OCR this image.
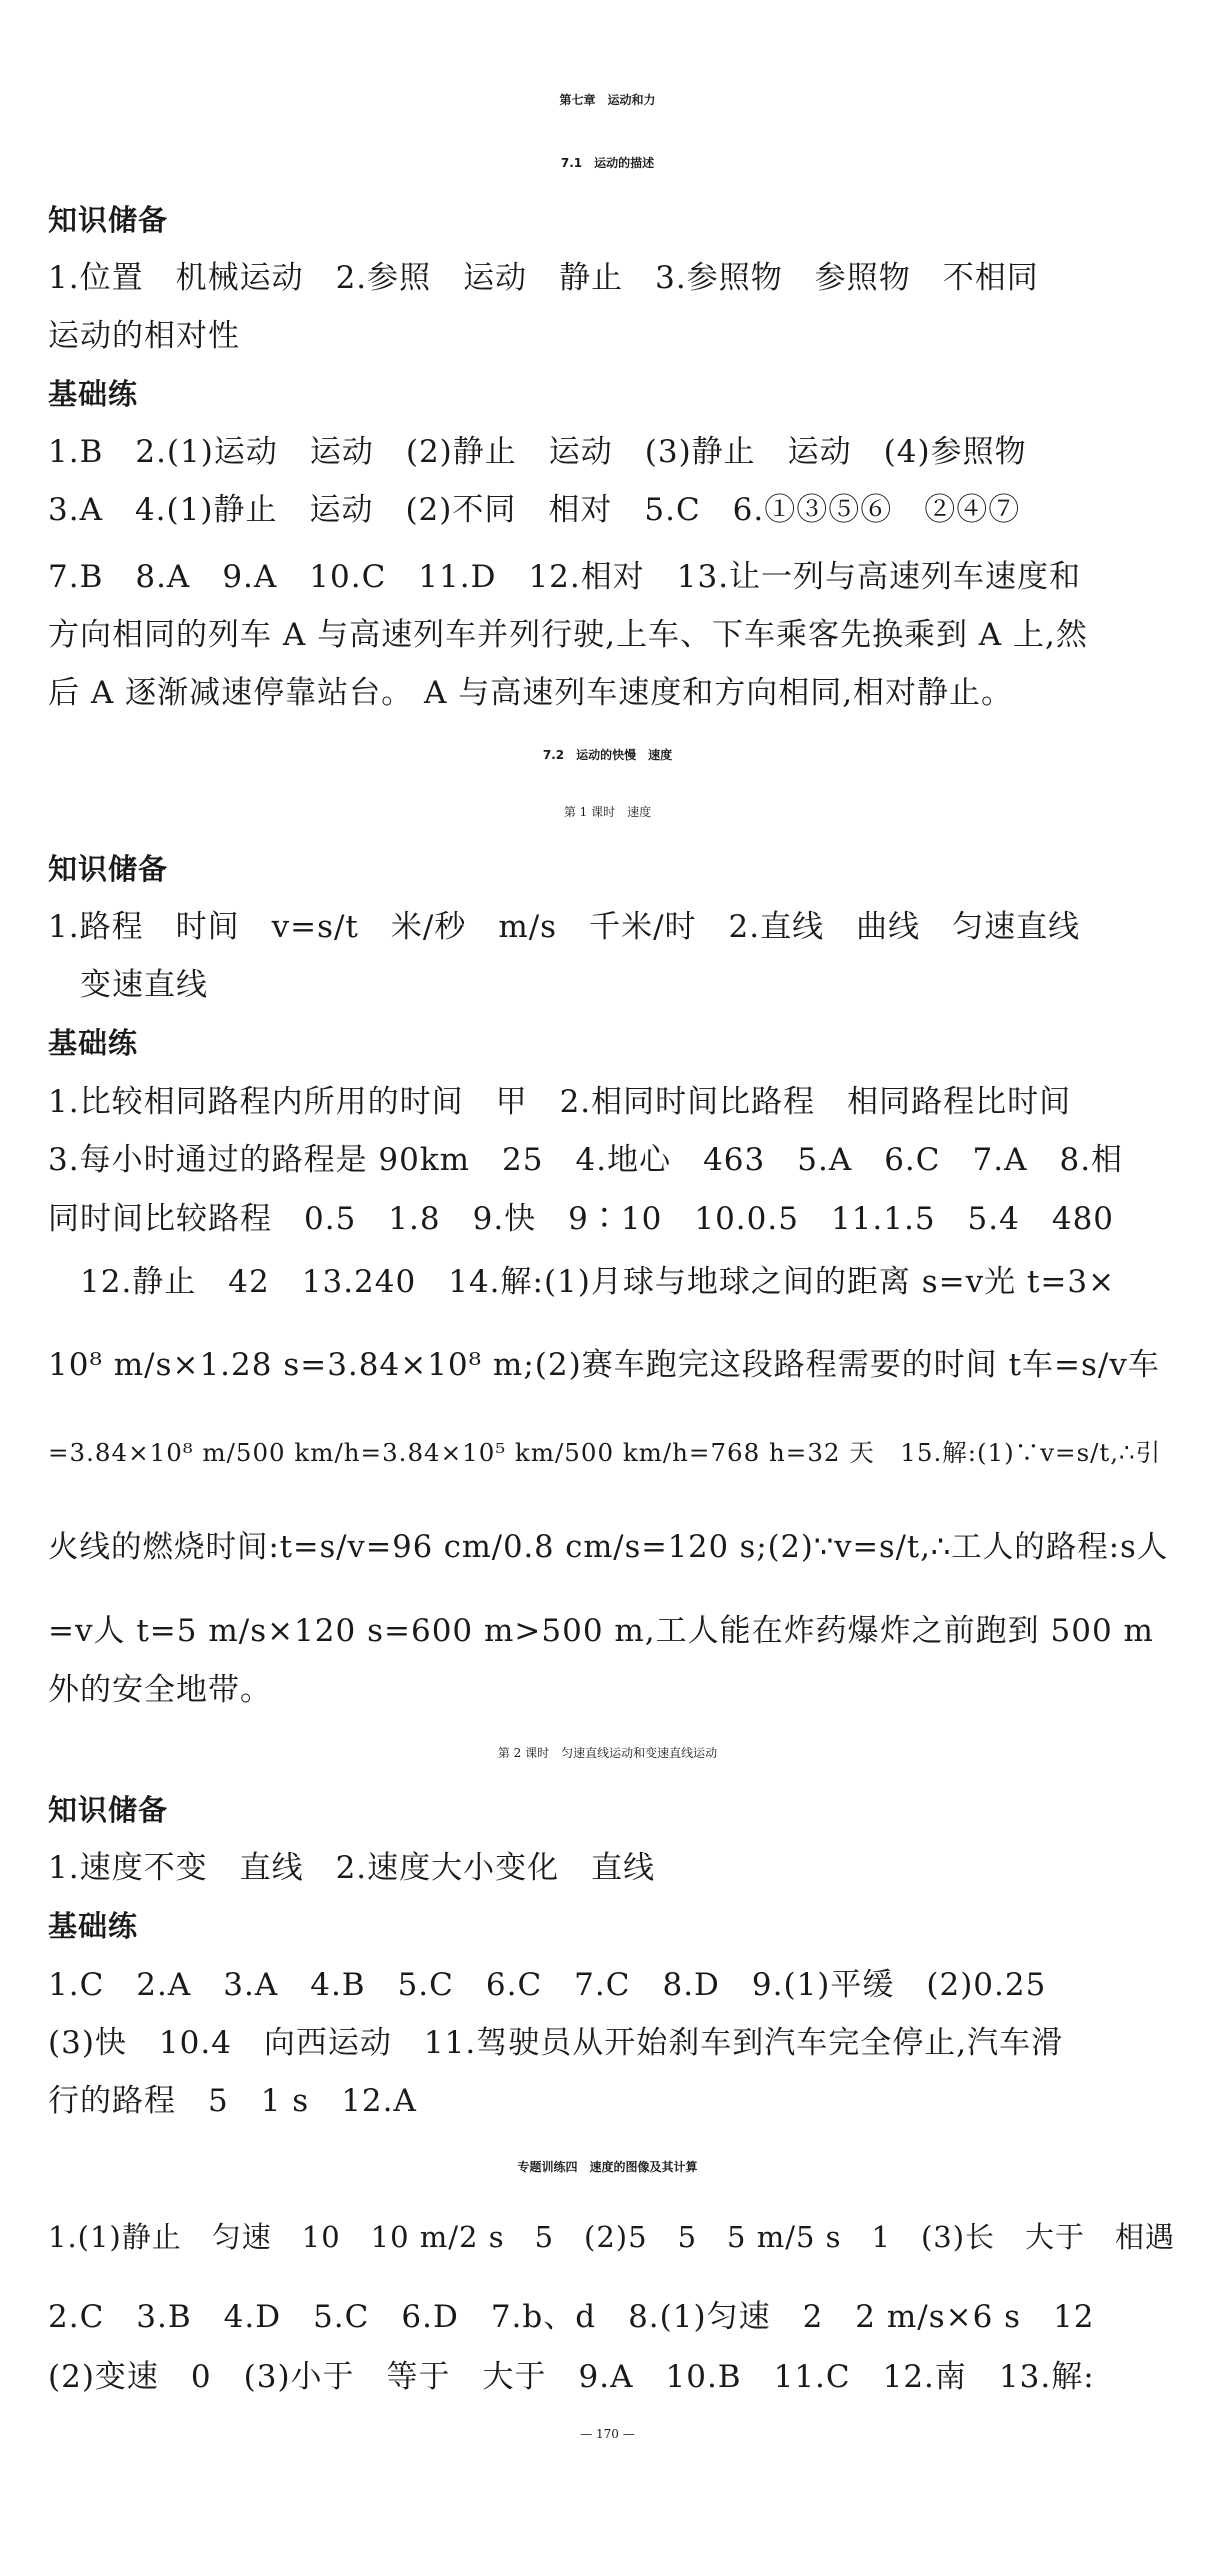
第七章　运动和力
7.1　运动的描述
知识储备
1.位置　机械运动　2.参照　运动　静止　3.参照物　参照物　不相同
运动的相对性
基础练
1.B　2.(1)运动　运动　(2)静止　运动　(3)静止　运动　(4)参照物
3.A　4.(1)静止　运动　(2)不同　相对　5.C　6.①③⑤⑥　②④⑦
7.B　8.A　9.A　10.C　11.D　12.相对　13.让一列与高速列车速度和
方向相同的列车 A 与高速列车并列行驶,上车、下车乘客先换乘到 A 上,然
后 A 逐渐减速停靠站台。 A 与高速列车速度和方向相同,相对静止。
7.2　运动的快慢　速度
第 1 课时　速度
知识储备
1.路程　时间　v=s/t　米/秒　m/s　千米/时　2.直线　曲线　匀速直线
变速直线
基础练
1.比较相同路程内所用的时间　甲　2.相同时间比路程　相同路程比时间
3.每小时通过的路程是 90km　25　4.地心　463　5.A　6.C　7.A　8.相
同时间比较路程　0.5　1.8　9.快　9∶10　10.0.5　11.1.5　5.4　480
12.静止　42　13.240　14.解:(1)月球与地球之间的距离 s=v光 t=3×
10⁸ m/s×1.28 s=3.84×10⁸ m;(2)赛车跑完这段路程需要的时间 t车=s/v车
=3.84×10⁸ m/500 km/h=3.84×10⁵ km/500 km/h=768 h=32 天　15.解:(1)∵v=s/t,∴引
火线的燃烧时间:t=s/v=96 cm/0.8 cm/s=120 s;(2)∵v=s/t,∴工人的路程:s人
=v人 t=5 m/s×120 s=600 m>500 m,工人能在炸药爆炸之前跑到 500 m
外的安全地带。
第 2 课时　匀速直线运动和变速直线运动
知识储备
1.速度不变　直线　2.速度大小变化　直线
基础练
1.C　2.A　3.A　4.B　5.C　6.C　7.C　8.D　9.(1)平缓　(2)0.25
(3)快　10.4　向西运动　11.驾驶员从开始刹车到汽车完全停止,汽车滑
行的路程　5　1 s　12.A
专题训练四　速度的图像及其计算
1.(1)静止　匀速　10　10 m/2 s　5　(2)5　5　5 m/5 s　1　(3)长　大于　相遇
2.C　3.B　4.D　5.C　6.D　7.b、d　8.(1)匀速　2　2 m/s×6 s　12
(2)变速　0　(3)小于　等于　大于　9.A　10.B　11.C　12.南　13.解:
— 170 —
